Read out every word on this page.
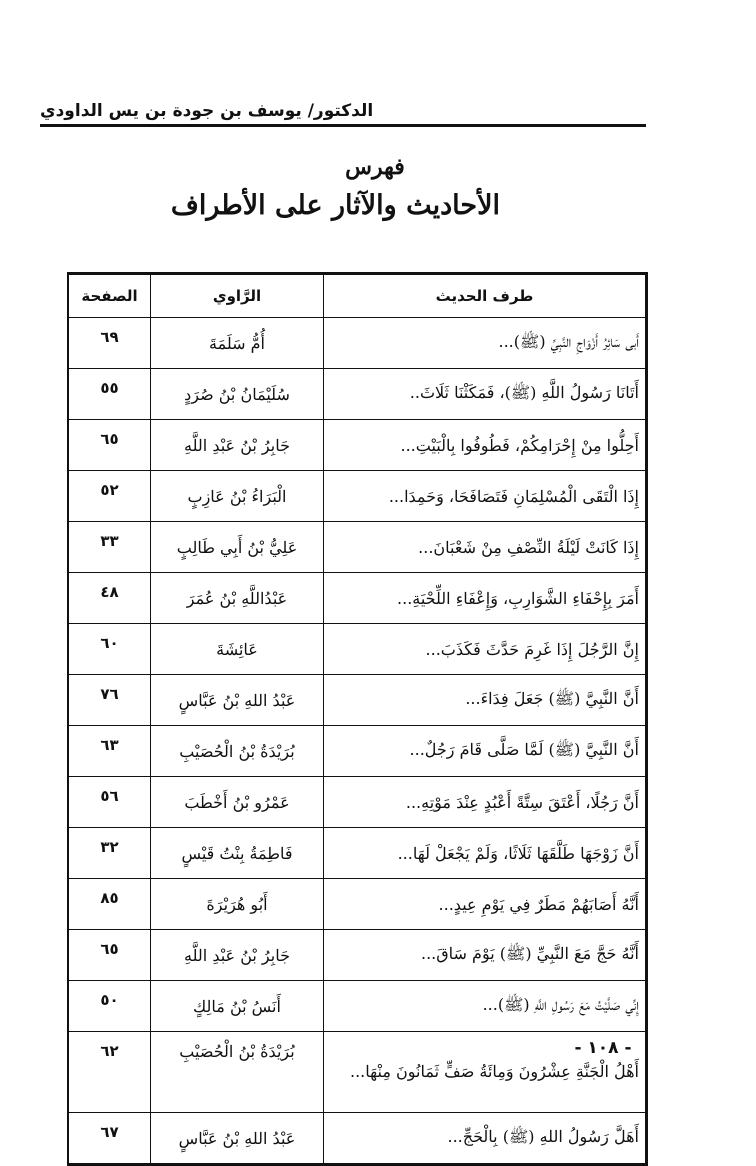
الدكتور/ يوسف بن جودة بن يس الداودي

فهرس
الأحاديث والآثار على الأطراف
طرف الحديث	الرَّاوي	الصفحة
أَبى سَائِرُ أَزْوَاجِ النَّبِيِّ (ﷺ)...	أُمُّ سَلَمَةَ	٦٩
أَتَانَا رَسُولُ اللَّهِ (ﷺ)، فَمَكَثْنَا ثَلَاثَ..	سُلَيْمَانُ بْنُ صُرَدٍ	٥٥
أَحِلُّوا مِنْ إِحْرَامِكُمْ، فَطُوفُوا بِالْبَيْتِ...	جَابِرُ بْنُ عَبْدِ اللَّهِ	٦٥
إِذَا الْتَقَى الْمُسْلِمَانِ فَتَصَافَحَا، وَحَمِدَا...	الْبَرَاءُ بْنُ عَازِبٍ	٥٢
إِذَا كَانَتْ لَيْلَةُ النِّصْفِ مِنْ شَعْبَانَ...	عَلِيُّ بْنُ أَبِي طَالِبٍ	٣٣
أَمَرَ بِإِحْفَاءِ الشَّوَارِبِ، وَإِعْفَاءِ اللِّحْيَةِ...	عَبْدُاللَّهِ بْنُ عُمَرَ	٤٨
إِنَّ الرَّجُلَ إِذَا غَرِمَ حَدَّثَ فَكَذَبَ...	عَائِشَةَ	٦٠
أَنَّ النَّبِيَّ (ﷺ) جَعَلَ فِدَاءَ...	عَبْدُ اللهِ بْنُ عَبَّاسٍ	٧٦
أَنَّ النَّبِيَّ (ﷺ) لَمَّا صَلَّى قَامَ رَجُلٌ...	بُرَيْدَةُ بْنُ الْحُصَيْبِ	٦٣
أَنَّ رَجُلًا، أَعْتَقَ سِتَّةً أَعْبُدٍ عِنْدَ مَوْتِهِ...	عَمْرُو بْنُ أَخْطَبَ	٥٦
أَنَّ زَوْجَهَا طَلَّقَهَا ثَلَاثًا، وَلَمْ يَجْعَلْ لَهَا...	فَاطِمَةُ بِنْتُ قَيْسٍ	٣٢
أَنَّهُ أَصَابَهُمْ مَطَرٌ فِي يَوْمِ عِيدٍ...	أَبُو هُرَيْرَةَ	٨٥
أَنَّهُ حَجَّ مَعَ النَّبِيِّ (ﷺ) يَوْمَ سَاقَ...	جَابِرُ بْنُ عَبْدِ اللَّهِ	٦٥
إِنِّي صَلَّيْتُ مَعَ رَسُولِ اللَّهِ (ﷺ)...	أَنَسُ بْنُ مَالِكٍ	٥٠
أَهْلُ الْجَنَّةِ عِشْرُونَ وَمِائَةُ صَفٍّ ثَمَانُونَ مِنْهَا...	بُرَيْدَةُ بْنُ الْحُصَيْبِ	٦٢
أَهَلَّ رَسُولُ اللهِ (ﷺ) بِالْحَجِّ...	عَبْدُ اللهِ بْنُ عَبَّاسٍ	٦٧
- ١٠٨ -
